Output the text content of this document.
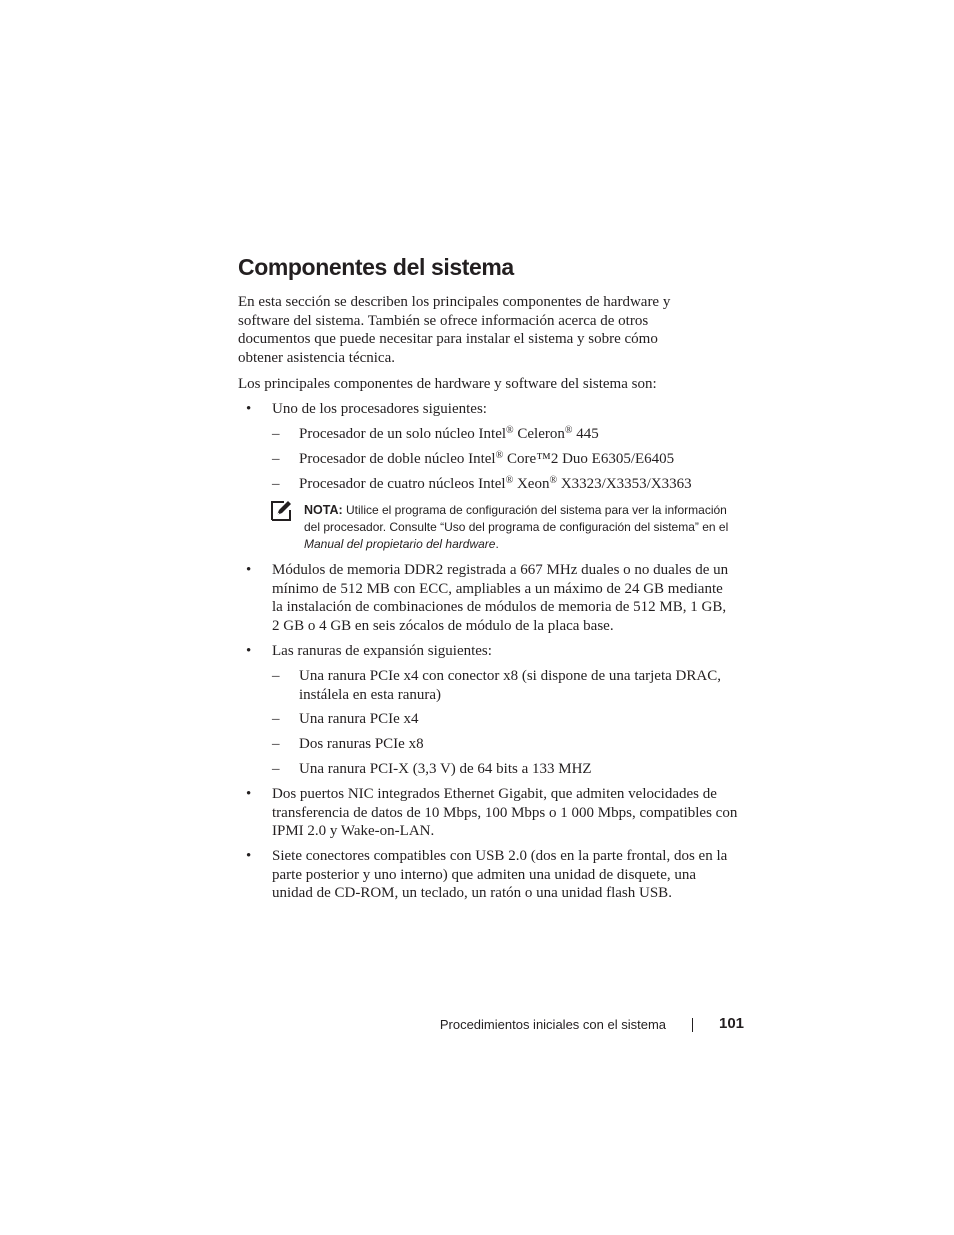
Componentes del sistema

En esta sección se describen los principales componentes de hardware y software del sistema. También se ofrece información acerca de otros documentos que puede necesitar para instalar el sistema y sobre cómo obtener asistencia técnica.

Los principales componentes de hardware y software del sistema son:

• Uno de los procesadores siguientes:
– Procesador de un solo núcleo Intel® Celeron® 445
– Procesador de doble núcleo Intel® Core™2 Duo E6305/E6405
– Procesador de cuatro núcleos Intel® Xeon® X3323/X3353/X3363
NOTA: Utilice el programa de configuración del sistema para ver la información del procesador. Consulte “Uso del programa de configuración del sistema” en el Manual del propietario del hardware.
• Módulos de memoria DDR2 registrada a 667 MHz duales o no duales de un mínimo de 512 MB con ECC, ampliables a un máximo de 24 GB mediante la instalación de combinaciones de módulos de memoria de 512 MB, 1 GB, 2 GB o 4 GB en seis zócalos de módulo de la placa base.
• Las ranuras de expansión siguientes:
– Una ranura PCIe x4 con conector x8 (si dispone de una tarjeta DRAC, instálela en esta ranura)
– Una ranura PCIe x4
– Dos ranuras PCIe x8
– Una ranura PCI-X (3,3 V) de 64 bits a 133 MHZ
• Dos puertos NIC integrados Ethernet Gigabit, que admiten velocidades de transferencia de datos de 10 Mbps, 100 Mbps o 1 000 Mbps, compatibles con IPMI 2.0 y Wake-on-LAN.
• Siete conectores compatibles con USB 2.0 (dos en la parte frontal, dos en la parte posterior y uno interno) que admiten una unidad de disquete, una unidad de CD-ROM, un teclado, un ratón o una unidad flash USB.
Procedimientos iniciales con el sistema	101
